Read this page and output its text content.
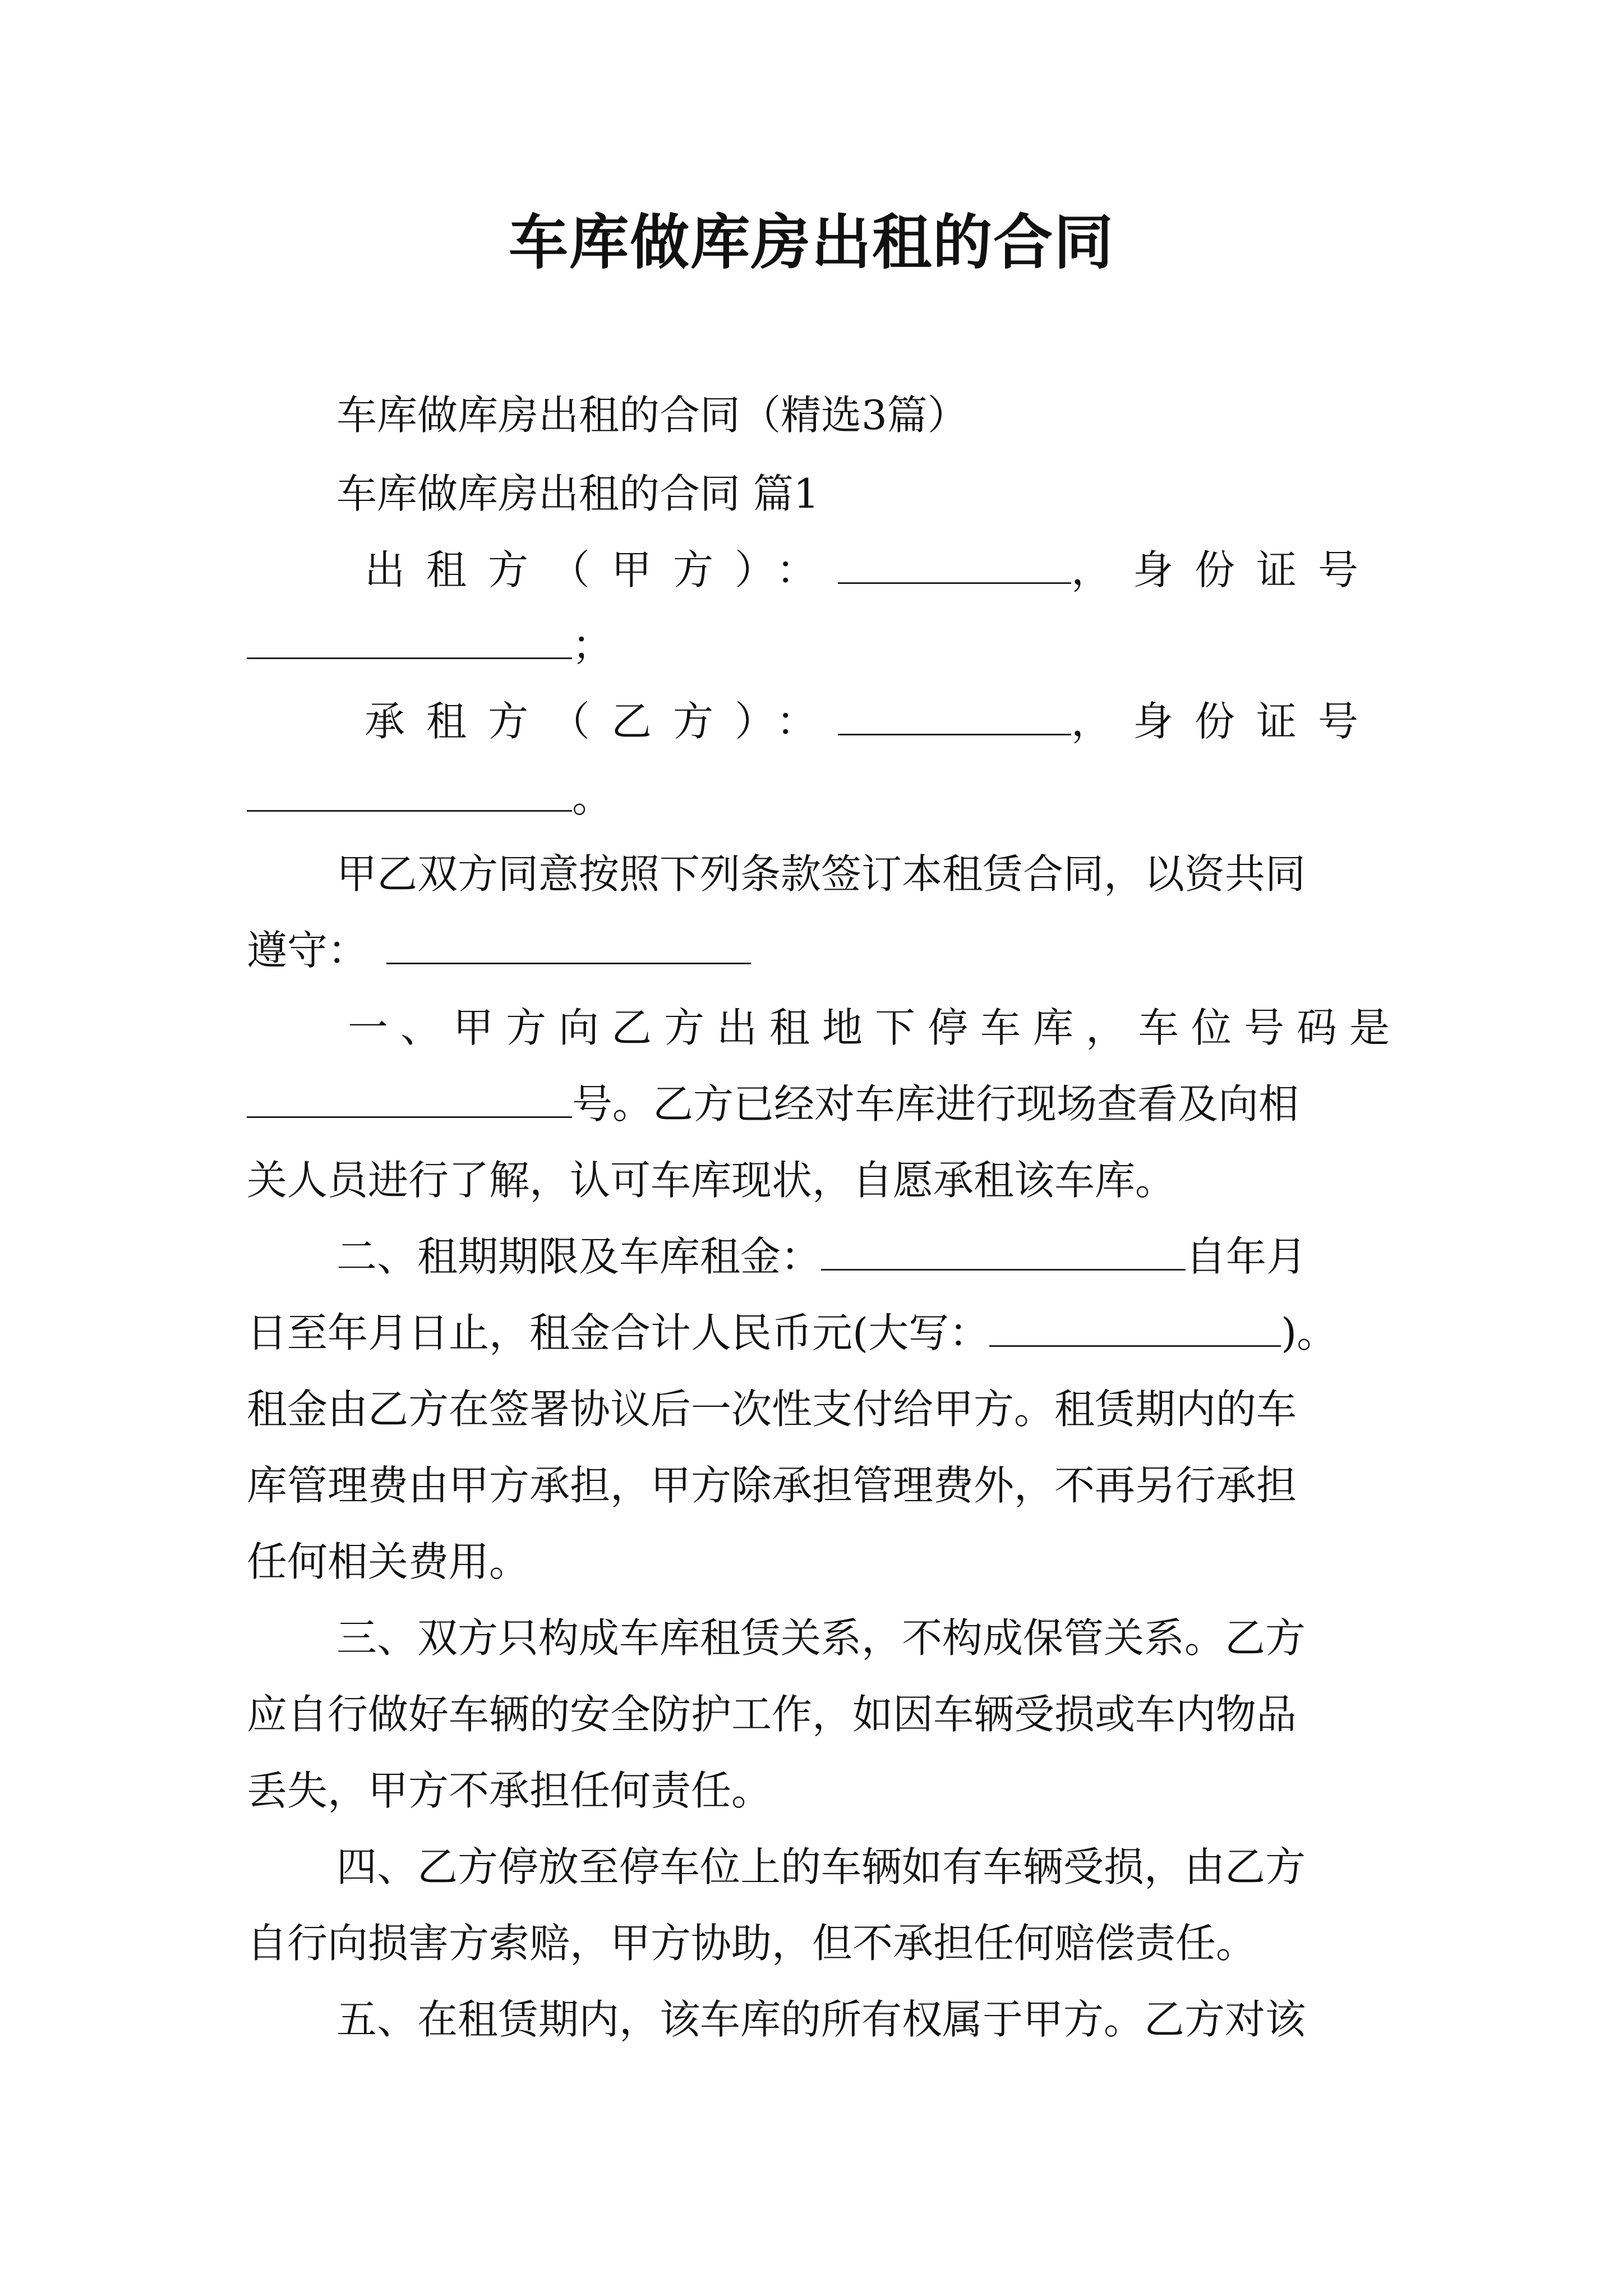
车库做库房出租的合同
车库做库房出租的合同（精选3篇）
车库做库房出租的合同 篇1
出租方（甲方）：	，身份证号
；
承租方（乙方）：	，身份证号
。
甲乙双方同意按照下列条款签订本租赁合同，以资共同
遵守：
一、甲方向乙方出租地下停车库，车位号码是
号。乙方已经对车库进行现场查看及向相
关人员进行了解，认可车库现状，自愿承租该车库。
二、租期期限及车库租金：	自年月
日至年月日止，租金合计人民币元(大写：	)。
租金由乙方在签署协议后一次性支付给甲方。租赁期内的车
库管理费由甲方承担，甲方除承担管理费外，不再另行承担
任何相关费用。
三、双方只构成车库租赁关系，不构成保管关系。乙方
应自行做好车辆的安全防护工作，如因车辆受损或车内物品
丢失，甲方不承担任何责任。
四、乙方停放至停车位上的车辆如有车辆受损，由乙方
自行向损害方索赔，甲方协助，但不承担任何赔偿责任。
五、在租赁期内，该车库的所有权属于甲方。乙方对该
